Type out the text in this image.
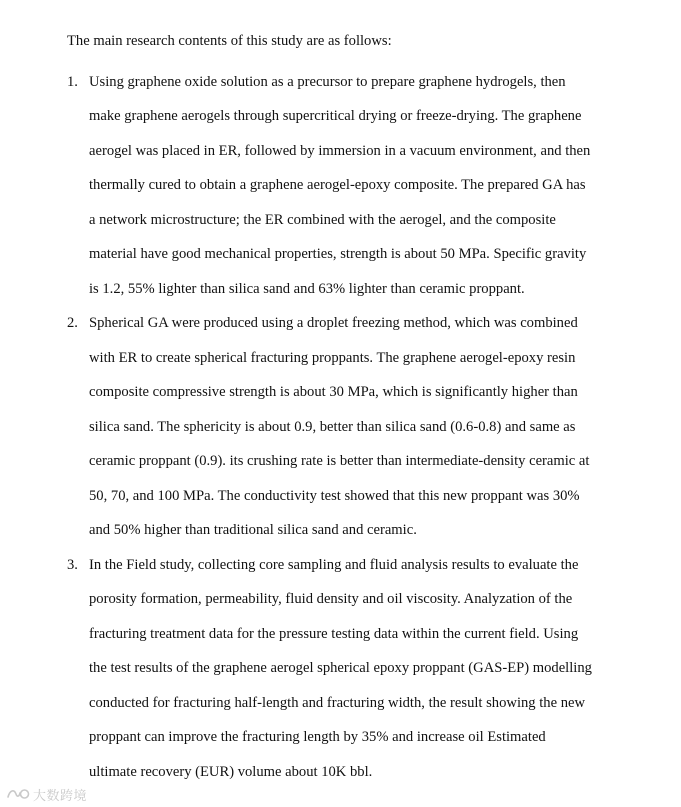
The main research contents of this study are as follows:
1. Using graphene oxide solution as a precursor to prepare graphene hydrogels, then
make graphene aerogels through supercritical drying or freeze-drying. The graphene
aerogel was placed in ER, followed by immersion in a vacuum environment, and then
thermally cured to obtain a graphene aerogel-epoxy composite. The prepared GA has
a network microstructure; the ER combined with the aerogel, and the composite
material have good mechanical properties, strength is about 50 MPa. Specific gravity
is 1.2, 55% lighter than silica sand and 63% lighter than ceramic proppant.
2. Spherical GA were produced using a droplet freezing method, which was combined
with ER to create spherical fracturing proppants. The graphene aerogel-epoxy resin
composite compressive strength is about 30 MPa, which is significantly higher than
silica sand. The sphericity is about 0.9, better than silica sand (0.6-0.8) and same as
ceramic proppant (0.9). its crushing rate is better than intermediate-density ceramic at
50, 70, and 100 MPa. The conductivity test showed that this new proppant was 30%
and 50% higher than traditional silica sand and ceramic.
3. In the Field study, collecting core sampling and fluid analysis results to evaluate the
porosity formation, permeability, fluid density and oil viscosity. Analyzation of the
fracturing treatment data for the pressure testing data within the current field. Using
the test results of the graphene aerogel spherical epoxy proppant (GAS-EP) modelling
conducted for fracturing half-length and fracturing width, the result showing the new
proppant can improve the fracturing length by 35% and increase oil Estimated
ultimate recovery (EUR) volume about 10K bbl.
大数跨境
